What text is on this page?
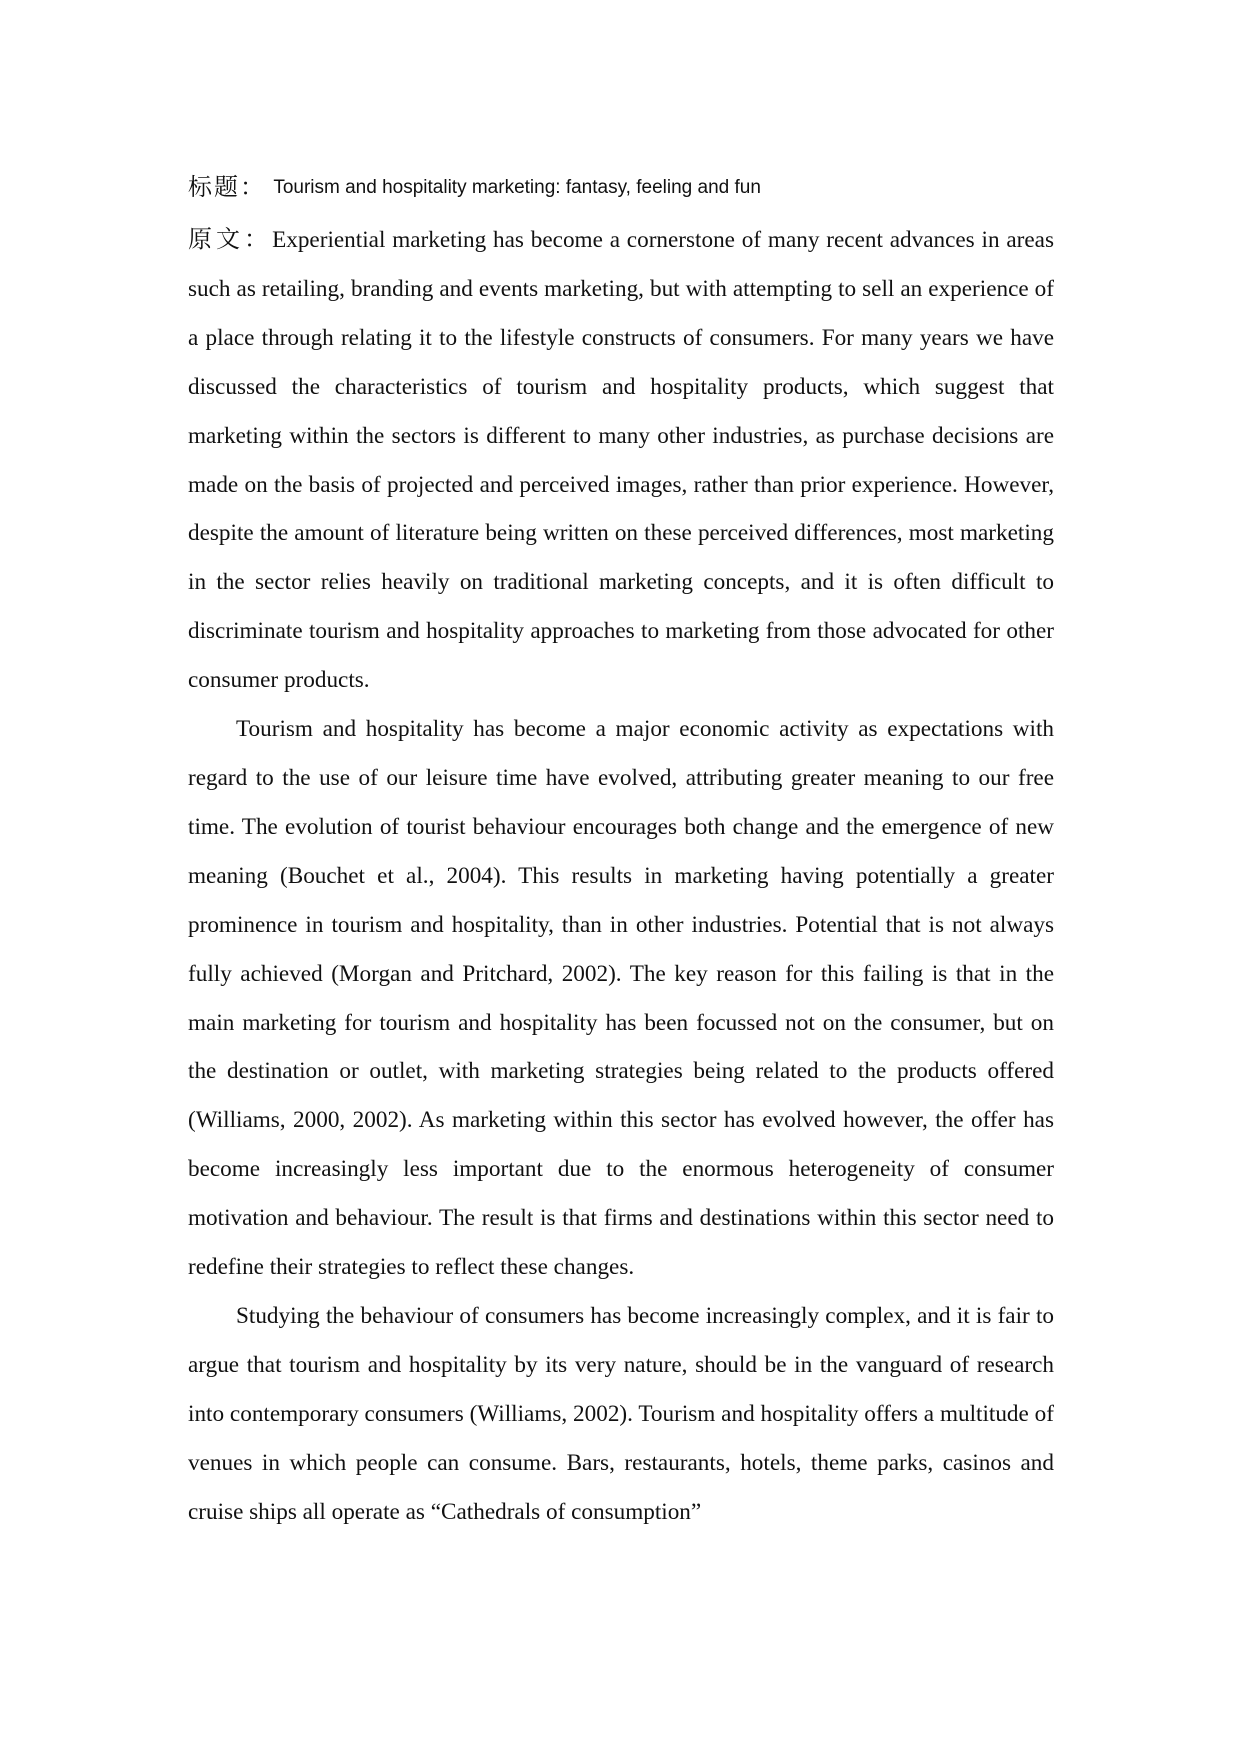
标题： Tourism and hospitality marketing: fantasy, feeling and fun

原文：Experiential marketing has become a cornerstone of many recent advances in areas such as retailing, branding and events marketing, but with attempting to sell an experience of a place through relating it to the lifestyle constructs of consumers. For many years we have discussed the characteristics of tourism and hospitality products, which suggest that marketing within the sectors is different to many other industries, as purchase decisions are made on the basis of projected and perceived images, rather than prior experience. However, despite the amount of literature being written on these perceived differences, most marketing in the sector relies heavily on traditional marketing concepts, and it is often difficult to discriminate tourism and hospitality approaches to marketing from those advocated for other consumer products.

Tourism and hospitality has become a major economic activity as expectations with regard to the use of our leisure time have evolved, attributing greater meaning to our free time. The evolution of tourist behaviour encourages both change and the emergence of new meaning (Bouchet et al., 2004). This results in marketing having potentially a greater prominence in tourism and hospitality, than in other industries. Potential that is not always fully achieved (Morgan and Pritchard, 2002). The key reason for this failing is that in the main marketing for tourism and hospitality has been focussed not on the consumer, but on the destination or outlet, with marketing strategies being related to the products offered (Williams, 2000, 2002). As marketing within this sector has evolved however, the offer has become increasingly less important due to the enormous heterogeneity of consumer motivation and behaviour. The result is that firms and destinations within this sector need to redefine their strategies to reflect these changes.

Studying the behaviour of consumers has become increasingly complex, and it is fair to argue that tourism and hospitality by its very nature, should be in the vanguard of research into contemporary consumers (Williams, 2002). Tourism and hospitality offers a multitude of venues in which people can consume. Bars, restaurants, hotels, theme parks, casinos and cruise ships all operate as “Cathedrals of consumption”
